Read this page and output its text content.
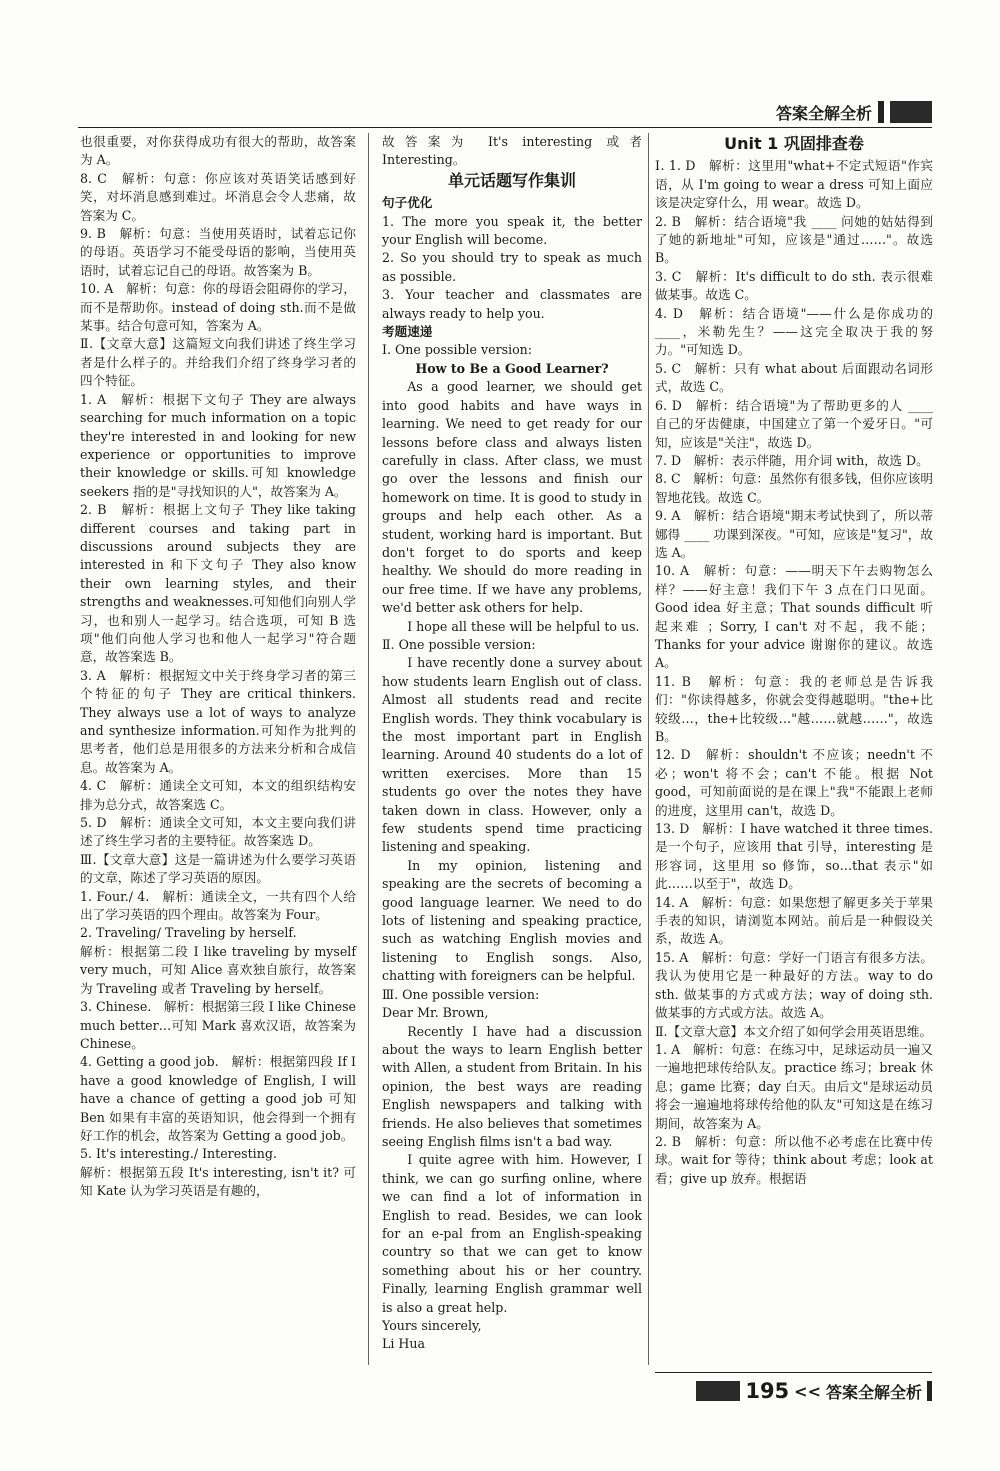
答案全解全析

也很重要，对你获得成功有很大的帮助，故答案为 A。

8. C　解析：句意：你应该对英语笑话感到好笑，对坏消息感到难过。坏消息会令人悲痛，故答案为 C。

9. B　解析：句意：当使用英语时，试着忘记你的母语。英语学习不能受母语的影响，当使用英语时，试着忘记自己的母语。故答案为 B。

10. A　解析：句意：你的母语会阻碍你的学习，而不是帮助你。instead of doing sth.而不是做某事。结合句意可知，答案为 A。

Ⅱ.【文章大意】这篇短文向我们讲述了终生学习者是什么样子的。并给我们介绍了终身学习者的四个特征。

1. A　解析：根据下文句子 They are always searching for much information on a topic they're interested in and looking for new experience or opportunities to improve their knowledge or skills.可知 knowledge seekers 指的是"寻找知识的人"，故答案为 A。

2. B　解析：根据上文句子 They like taking different courses and taking part in discussions around subjects they are interested in 和下文句子 They also know their own learning styles, and their strengths and weaknesses.可知他们向别人学习，也和别人一起学习。结合选项，可知 B 选项"他们向他人学习也和他人一起学习"符合题意，故答案选 B。

3. A　解析：根据短文中关于终身学习者的第三个特征的句子 They are critical thinkers. They always use a lot of ways to analyze and synthesize information.可知作为批判的思考者，他们总是用很多的方法来分析和合成信息。故答案为 A。

4. C　解析：通读全文可知，本文的组织结构安排为总分式，故答案选 C。

5. D　解析：通读全文可知，本文主要向我们讲述了终生学习者的主要特征。故答案选 D。

Ⅲ.【文章大意】这是一篇讲述为什么要学习英语的文章，陈述了学习英语的原因。

1. Four./ 4.　解析：通读全文，一共有四个人给出了学习英语的四个理由。故答案为 Four。

2. Traveling/ Traveling by herself.

解析：根据第二段 I like traveling by myself very much，可知 Alice 喜欢独自旅行，故答案为 Traveling 或者 Traveling by herself。

3. Chinese.　解析：根据第三段 I like Chinese much better…可知 Mark 喜欢汉语，故答案为 Chinese。

4. Getting a good job.　解析：根据第四段 If I have a good knowledge of English, I will have a chance of getting a good job 可知 Ben 如果有丰富的英语知识，他会得到一个拥有好工作的机会，故答案为 Getting a good job。

5. It's interesting./ Interesting.

解析：根据第五段 It's interesting, isn't it? 可知 Kate 认为学习英语是有趣的，

故答案为 It's interesting 或者 Interesting。

单元话题写作集训
句子优化

1. The more you speak it, the better your English will become.

2. So you should try to speak as much as possible.

3. Your teacher and classmates are always ready to help you.

考题速递

Ⅰ. One possible version:

How to Be a Good Learner?

As a good learner, we should get into good habits and have ways in learning. We need to get ready for our lessons before class and always listen carefully in class. After class, we must go over the lessons and finish our homework on time. It is good to study in groups and help each other. As a student, working hard is important. But don't forget to do sports and keep healthy. We should do more reading in our free time. If we have any problems, we'd better ask others for help.

I hope all these will be helpful to us.

Ⅱ. One possible version:

I have recently done a survey about how students learn English out of class. Almost all students read and recite English words. They think vocabulary is the most important part in English learning. Around 40 students do a lot of written exercises. More than 15 students go over the notes they have taken down in class. However, only a few students spend time practicing listening and speaking.

In my opinion, listening and speaking are the secrets of becoming a good language learner. We need to do lots of listening and speaking practice, such as watching English movies and listening to English songs. Also, chatting with foreigners can be helpful.

Ⅲ. One possible version:

Dear Mr. Brown,

Recently I have had a discussion about the ways to learn English better with Allen, a student from Britain. In his opinion, the best ways are reading English newspapers and talking with friends. He also believes that sometimes seeing English films isn't a bad way.

I quite agree with him. However, I think, we can go surfing online, where we can find a lot of information in English to read. Besides, we can look for an e-pal from an English-speaking country so that we can get to know something about his or her country. Finally, learning English grammar well is also a great help.

Yours sincerely,

Li Hua

Unit 1 巩固排查卷

Ⅰ. 1. D　解析：这里用"what+不定式短语"作宾语，从 I'm going to wear a dress 可知上面应该是决定穿什么，用 wear。故选 D。

2. B　解析：结合语境"我 ____ 问她的姑姑得到了她的新地址"可知，应该是"通过……"。故选 B。

3. C　解析：It's difficult to do sth. 表示很难做某事。故选 C。

4. D　解析：结合语境"——什么是你成功的 ____，米勒先生？——这完全取决于我的努力。"可知选 D。

5. C　解析：只有 what about 后面跟动名词形式，故选 C。

6. D　解析：结合语境"为了帮助更多的人 ____ 自己的牙齿健康，中国建立了第一个爱牙日。"可知，应该是"关注"，故选 D。

7. D　解析：表示伴随，用介词 with，故选 D。

8. C　解析：句意：虽然你有很多钱，但你应该明智地花钱。故选 C。

9. A　解析：结合语境"期末考试快到了，所以蒂娜得 ____ 功课到深夜。"可知，应该是"复习"，故选 A。

10. A　解析：句意：——明天下午去购物怎么样？——好主意！我们下午 3 点在门口见面。Good idea 好主意；That sounds difficult 听起来难 ；Sorry, I can't 对不起，我不能；Thanks for your advice 谢谢你的建议。故选 A。

11. B　解析：句意：我的老师总是告诉我们："你读得越多，你就会变得越聪明。"the+比较级…，the+比较级…"越……就越……"，故选 B。

12. D　解析：shouldn't 不应该；needn't 不必；won't 将不会；can't 不能。根据 Not good，可知前面说的是在课上"我"不能跟上老师的进度，这里用 can't，故选 D。

13. D　解析：I have watched it three times.是一个句子，应该用 that 引导，interesting 是形容词，这里用 so 修饰，so…that 表示"如此……以至于"，故选 D。

14. A　解析：句意：如果您想了解更多关于苹果手表的知识，请浏览本网站。前后是一种假设关系，故选 A。

15. A　解析：句意：学好一门语言有很多方法。我认为使用它是一种最好的方法。way to do sth. 做某事的方式或方法；way of doing sth. 做某事的方式或方法。故选 A。

Ⅱ.【文章大意】本文介绍了如何学会用英语思维。

1. A　解析：句意：在练习中，足球运动员一遍又一遍地把球传给队友。practice 练习；break 休息；game 比赛；day 白天。由后文"是球运动员将会一遍遍地将球传给他的队友"可知这是在练习期间，故答案为 A。

2. B　解析：句意：所以他不必考虑在比赛中传球。wait for 等待；think about 考虑；look at 看；give up 放弃。根据语

195 << 答案全解全析
